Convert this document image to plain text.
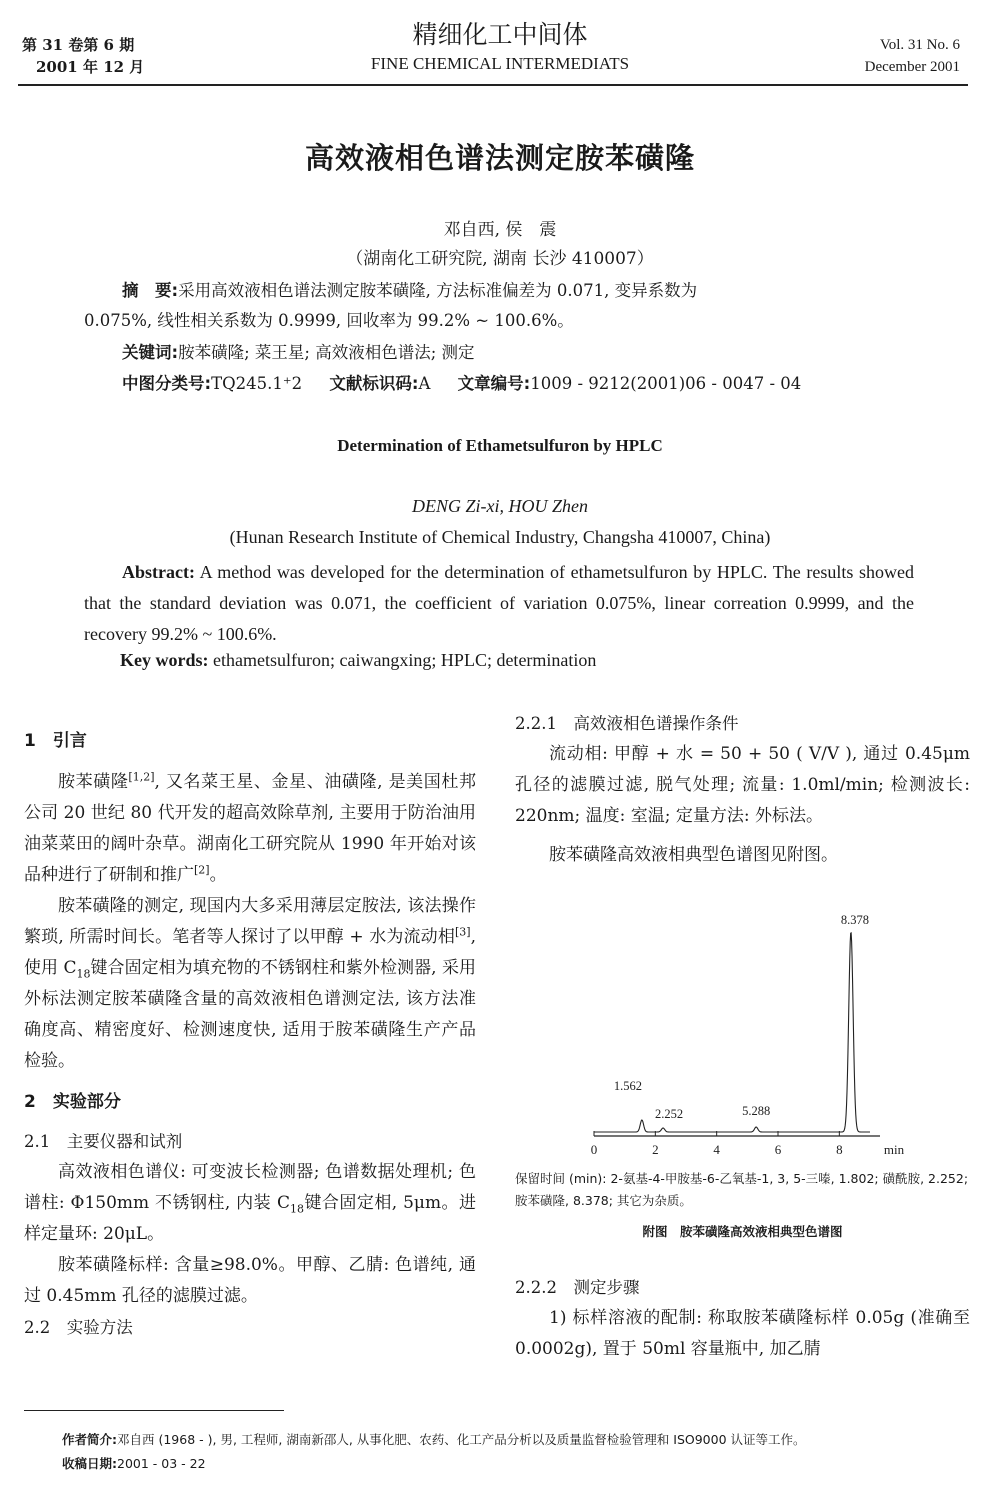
第 31 卷第 6 期
2001 年 12 月
精细化工中间体
FINE CHEMICAL INTERMEDIATS
Vol. 31 No. 6
December 2001
高效液相色谱法测定胺苯磺隆
邓自西, 侯　震
（湖南化工研究院, 湖南 长沙 410007）
摘　要:采用高效液相色谱法测定胺苯磺隆, 方法标准偏差为 0.071, 变异系数为
0.075%, 线性相关系数为 0.9999, 回收率为 99.2% ~ 100.6%。
关键词:胺苯磺隆; 菜王星; 高效液相色谱法; 测定
中图分类号:TQ245.1⁺2 文献标识码:A 文章编号:1009 - 9212(2001)06 - 0047 - 04
Determination of Ethametsulfuron by HPLC
DENG Zi-xi, HOU Zhen
(Hunan Research Institute of Chemical Industry, Changsha 410007, China)
Abstract: A method was developed for the determination of ethametsulfuron by HPLC. The results showed that the standard deviation was 0.071, the coefficient of variation 0.075%, linear correation 0.9999, and the recovery 99.2% ~ 100.6%.
Key words: ethametsulfuron; caiwangxing; HPLC; determination
1　引言

胺苯磺隆[1,2], 又名菜王星、金星、油磺隆, 是美国杜邦公司 20 世纪 80 代开发的超高效除草剂, 主要用于防治油用油菜菜田的阔叶杂草。湖南化工研究院从 1990 年开始对该品种进行了研制和推广[2]。

胺苯磺隆的测定, 现国内大多采用薄层定胺法, 该法操作繁琐, 所需时间长。笔者等人探讨了以甲醇 + 水为流动相[3], 使用 $C_{18}$键合固定相为填充物的不锈钢柱和紫外检测器, 采用外标法测定胺苯磺隆含量的高效液相色谱测定法, 该方法准确度高、精密度好、检测速度快, 适用于胺苯磺隆生产产品检验。

2　实验部分
2.1　主要仪器和试剂

高效液相色谱仪: 可变波长检测器; 色谱数据处理机; 色谱柱: Φ150mm 不锈钢柱, 内装 $C_{18}$键合固定相, 5μm。进样定量环: 20μL。

胺苯磺隆标样: 含量≥98.0%。甲醇、乙腈: 色谱纯, 通过 0.45mm 孔径的滤膜过滤。

2.2　实验方法
2.2.1　高效液相色谱操作条件

流动相: 甲醇 + 水 = 50 + 50 ( V/V ), 通过 0.45μm 孔径的滤膜过滤, 脱气处理; 流量: 1.0ml/min; 检测波长: 220nm; 温度: 室温; 定量方法: 外标法。

胺苯磺隆高效液相典型色谱图见附图。

0	2	4	6	8	min
1.562
2.252	5.288
8.378
保留时间 (min): 2-氨基-4-甲胺基-6-乙氧基-1, 3, 5-三嗪, 1.802; 磺酰胺, 2.252; 胺苯磺隆, 8.378; 其它为杂质。
附图　胺苯磺隆高效液相典型色谱图
2.2.2　测定步骤

1) 标样溶液的配制: 称取胺苯磺隆标样 0.05g (准确至 0.0002g), 置于 50ml 容量瓶中, 加乙腈

作者简介:邓自西 (1968 - ), 男, 工程师, 湖南新邵人, 从事化肥、农药、化工产品分析以及质量监督检验管理和 ISO9000 认证等工作。
收稿日期:2001 - 03 - 22
